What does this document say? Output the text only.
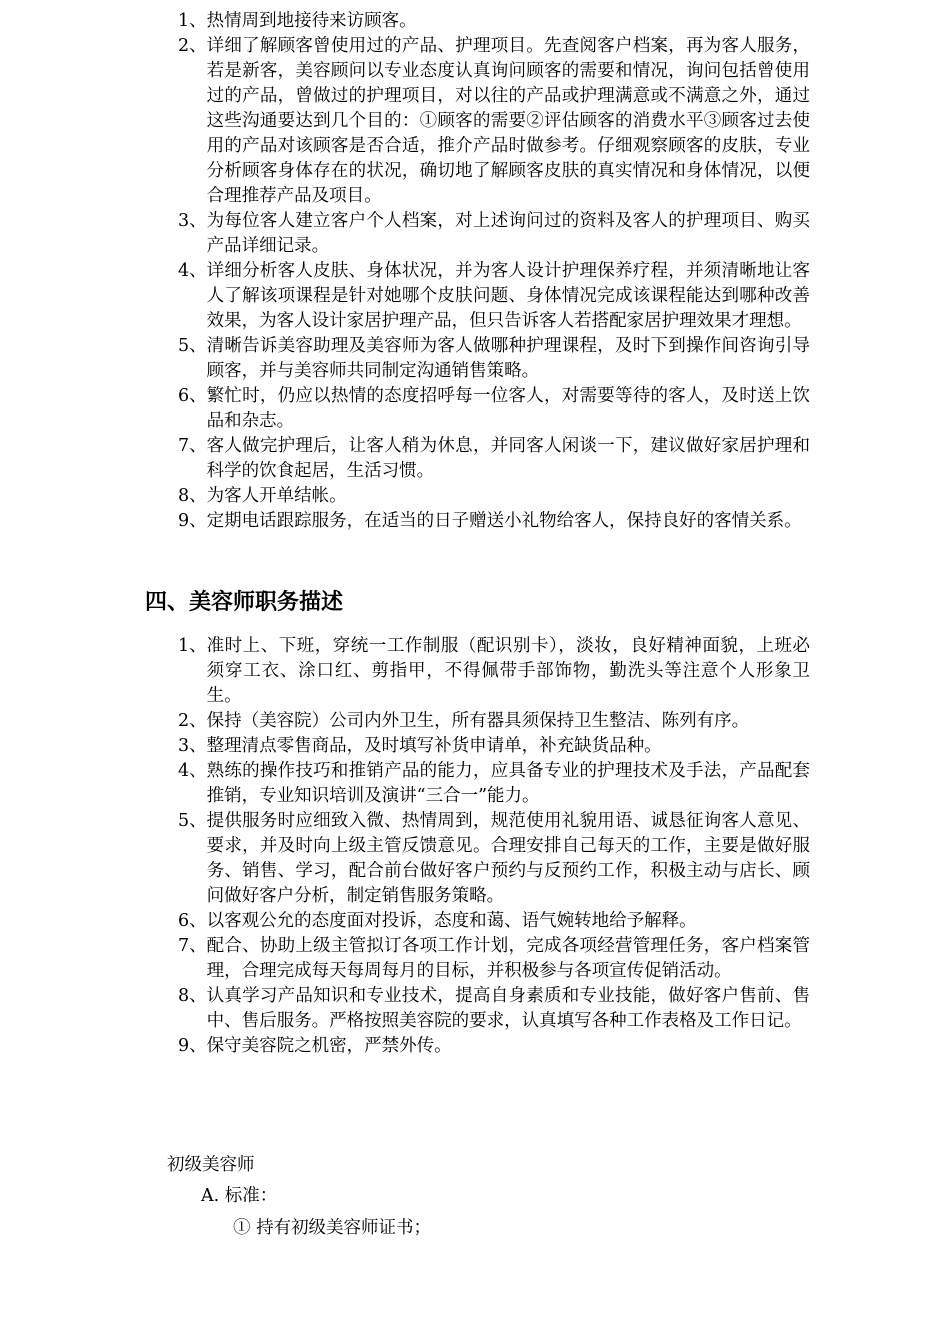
1、 热情周到地接待来访顾客。
2、 详细了解顾客曾使用过的产品、护理项目。先查阅客户档案，再为客人服务，若是新客，美容顾问以专业态度认真询问顾客的需要和情况，询问包括曾使用过的产品，曾做过的护理项目，对以往的产品或护理满意或不满意之外，通过这些沟通要达到几个目的：①顾客的需要②评估顾客的消费水平③顾客过去使用的产品对该顾客是否合适，推介产品时做参考。仔细观察顾客的皮肤，专业分析顾客身体存在的状况，确切地了解顾客皮肤的真实情况和身体情况，以便合理推荐产品及项目。
3、 为每位客人建立客户个人档案，对上述询问过的资料及客人的护理项目、购买产品详细记录。
4、 详细分析客人皮肤、身体状况，并为客人设计护理保养疗程，并须清晰地让客人了解该项课程是针对她哪个皮肤问题、身体情况完成该课程能达到哪种改善效果，为客人设计家居护理产品，但只告诉客人若搭配家居护理效果才理想。
5、 清晰告诉美容助理及美容师为客人做哪种护理课程，及时下到操作间咨询引导顾客，并与美容师共同制定沟通销售策略。
6、 繁忙时，仍应以热情的态度招呼每一位客人，对需要等待的客人，及时送上饮品和杂志。
7、 客人做完护理后，让客人稍为休息，并同客人闲谈一下，建议做好家居护理和科学的饮食起居，生活习惯。
8、 为客人开单结帐。
9、 定期电话跟踪服务，在适当的日子赠送小礼物给客人，保持良好的客情关系。
四、美容师职务描述
1、 准时上、下班，穿统一工作制服（配识别卡），淡妆，良好精神面貌，上班必须穿工衣、涂口红、剪指甲，不得佩带手部饰物，勤洗头等注意个人形象卫生。
2、 保持（美容院）公司内外卫生，所有器具须保持卫生整洁、陈列有序。
3、 整理清点零售商品，及时填写补货申请单，补充缺货品种。
4、 熟练的操作技巧和推销产品的能力，应具备专业的护理技术及手法，产品配套推销，专业知识培训及演讲“三合一”能力。
5、 提供服务时应细致入微、热情周到，规范使用礼貌用语、诚恳征询客人意见、要求，并及时向上级主管反馈意见。合理安排自己每天的工作，主要是做好服务、销售、学习，配合前台做好客户预约与反预约工作，积极主动与店长、顾问做好客户分析，制定销售服务策略。
6、 以客观公允的态度面对投诉，态度和蔼、语气婉转地给予解释。
7、 配合、协助上级主管拟订各项工作计划，完成各项经营管理任务，客户档案管理，合理完成每天每周每月的目标，并积极参与各项宣传促销活动。
8、 认真学习产品知识和专业技术，提高自身素质和专业技能，做好客户售前、售中、售后服务。严格按照美容院的要求，认真填写各种工作表格及工作日记。
9、 保守美容院之机密，严禁外传。

初级美容师

A. 标准：

① 持有初级美容师证书；
